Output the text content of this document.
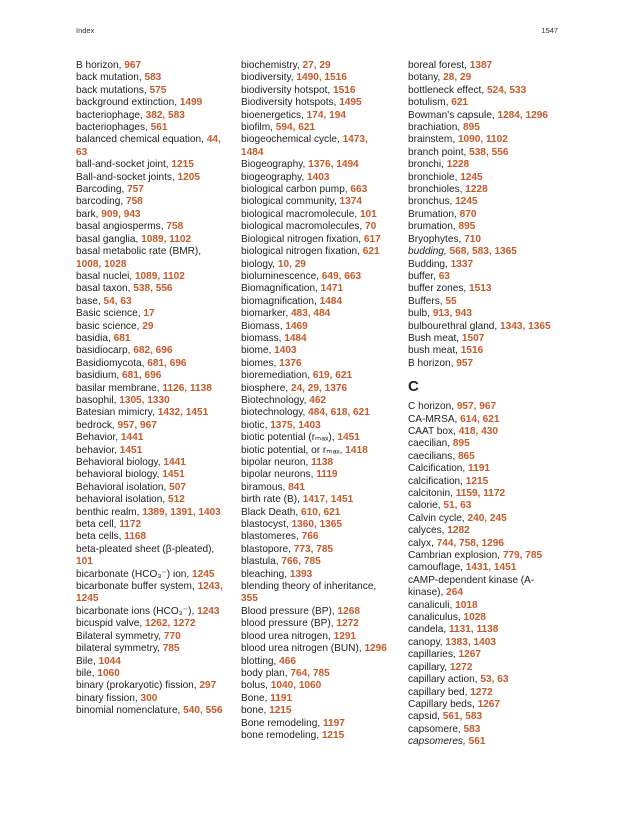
Index	1547

B horizon, 967

back mutation, 583

back mutations, 575

background extinction, 1499

bacteriophage, 382, 583

bacteriophages, 561

balanced chemical equation, 44, 63

ball-and-socket joint, 1215

Ball-and-socket joints, 1205

Barcoding, 757

barcoding, 758

bark, 909, 943

basal angiosperms, 758

basal ganglia, 1089, 1102

basal metabolic rate (BMR), 1008, 1028

basal nuclei, 1089, 1102

basal taxon, 538, 556

base, 54, 63

Basic science, 17

basic science, 29

basidia, 681

basidiocarp, 682, 696

Basidiomycota, 681, 696

basidium, 681, 696

basilar membrane, 1126, 1138

basophil, 1305, 1330

Batesian mimicry, 1432, 1451

bedrock, 957, 967

Behavior, 1441

behavior, 1451

Behavioral biology, 1441

behavioral biology, 1451

Behavioral isolation, 507

behavioral isolation, 512

benthic realm, 1389, 1391, 1403

beta cell, 1172

beta cells, 1168

beta-pleated sheet (β-pleated), 101

bicarbonate (HCO₃⁻) ion, 1245

bicarbonate buffer system, 1243, 1245

bicarbonate ions (HCO₃⁻), 1243

bicuspid valve, 1262, 1272

Bilateral symmetry, 770

bilateral symmetry, 785

Bile, 1044

bile, 1060

binary (prokaryotic) fission, 297

binary fission, 300

binomial nomenclature, 540, 556

biochemistry, 27, 29

biodiversity, 1490, 1516

biodiversity hotspot, 1516

Biodiversity hotspots, 1495

bioenergetics, 174, 194

biofilm, 594, 621

biogeochemical cycle, 1473, 1484

Biogeography, 1376, 1494

biogeography, 1403

biological carbon pump, 663

biological community, 1374

biological macromolecule, 101

biological macromolecules, 70

Biological nitrogen fixation, 617

biological nitrogen fixation, 621

biology, 10, 29

bioluminescence, 649, 663

Biomagnification, 1471

biomagnification, 1484

biomarker, 483, 484

Biomass, 1469

biomass, 1484

biome, 1403

biomes, 1376

bioremediation, 619, 621

biosphere, 24, 29, 1376

Biotechnology, 462

biotechnology, 484, 618, 621

biotic, 1375, 1403

biotic potential (rₘₐₓ), 1451

biotic potential, or rₘₐₓ, 1418

bipolar neuron, 1138

bipolar neurons, 1119

biramous, 841

birth rate (B), 1417, 1451

Black Death, 610, 621

blastocyst, 1360, 1365

blastomeres, 766

blastopore, 773, 785

blastula, 766, 785

bleaching, 1393

blending theory of inheritance, 355

Blood pressure (BP), 1268

blood pressure (BP), 1272

blood urea nitrogen, 1291

blood urea nitrogen (BUN), 1296

blotting, 466

body plan, 764, 785

bolus, 1040, 1060

Bone, 1191

bone, 1215

Bone remodeling, 1197

bone remodeling, 1215

boreal forest, 1387

botany, 28, 29

bottleneck effect, 524, 533

botulism, 621

Bowman's capsule, 1284, 1296

brachiation, 895

brainstem, 1090, 1102

branch point, 538, 556

bronchi, 1228

bronchiole, 1245

bronchioles, 1228

bronchus, 1245

Brumation, 870

brumation, 895

Bryophytes, 710

budding, 568, 583, 1365

Budding, 1337

buffer, 63

buffer zones, 1513

Buffers, 55

bulb, 913, 943

bulbourethral gland, 1343, 1365

Bush meat, 1507

bush meat, 1516

B horizon, 957

C

C horizon, 957, 967

CA-MRSA, 614, 621

CAAT box, 418, 430

caecilian, 895

caecilians, 865

Calcification, 1191

calcification, 1215

calcitonin, 1159, 1172

calorie, 51, 63

Calvin cycle, 240, 245

calyces, 1282

calyx, 744, 758, 1296

Cambrian explosion, 779, 785

camouflage, 1431, 1451

cAMP-dependent kinase (A-kinase), 264

canaliculi, 1018

canaliculus, 1028

candela, 1131, 1138

canopy, 1383, 1403

capillaries, 1267

capillary, 1272

capillary action, 53, 63

capillary bed, 1272

Capillary beds, 1267

capsid, 561, 583

capsomere, 583

capsomeres, 561
